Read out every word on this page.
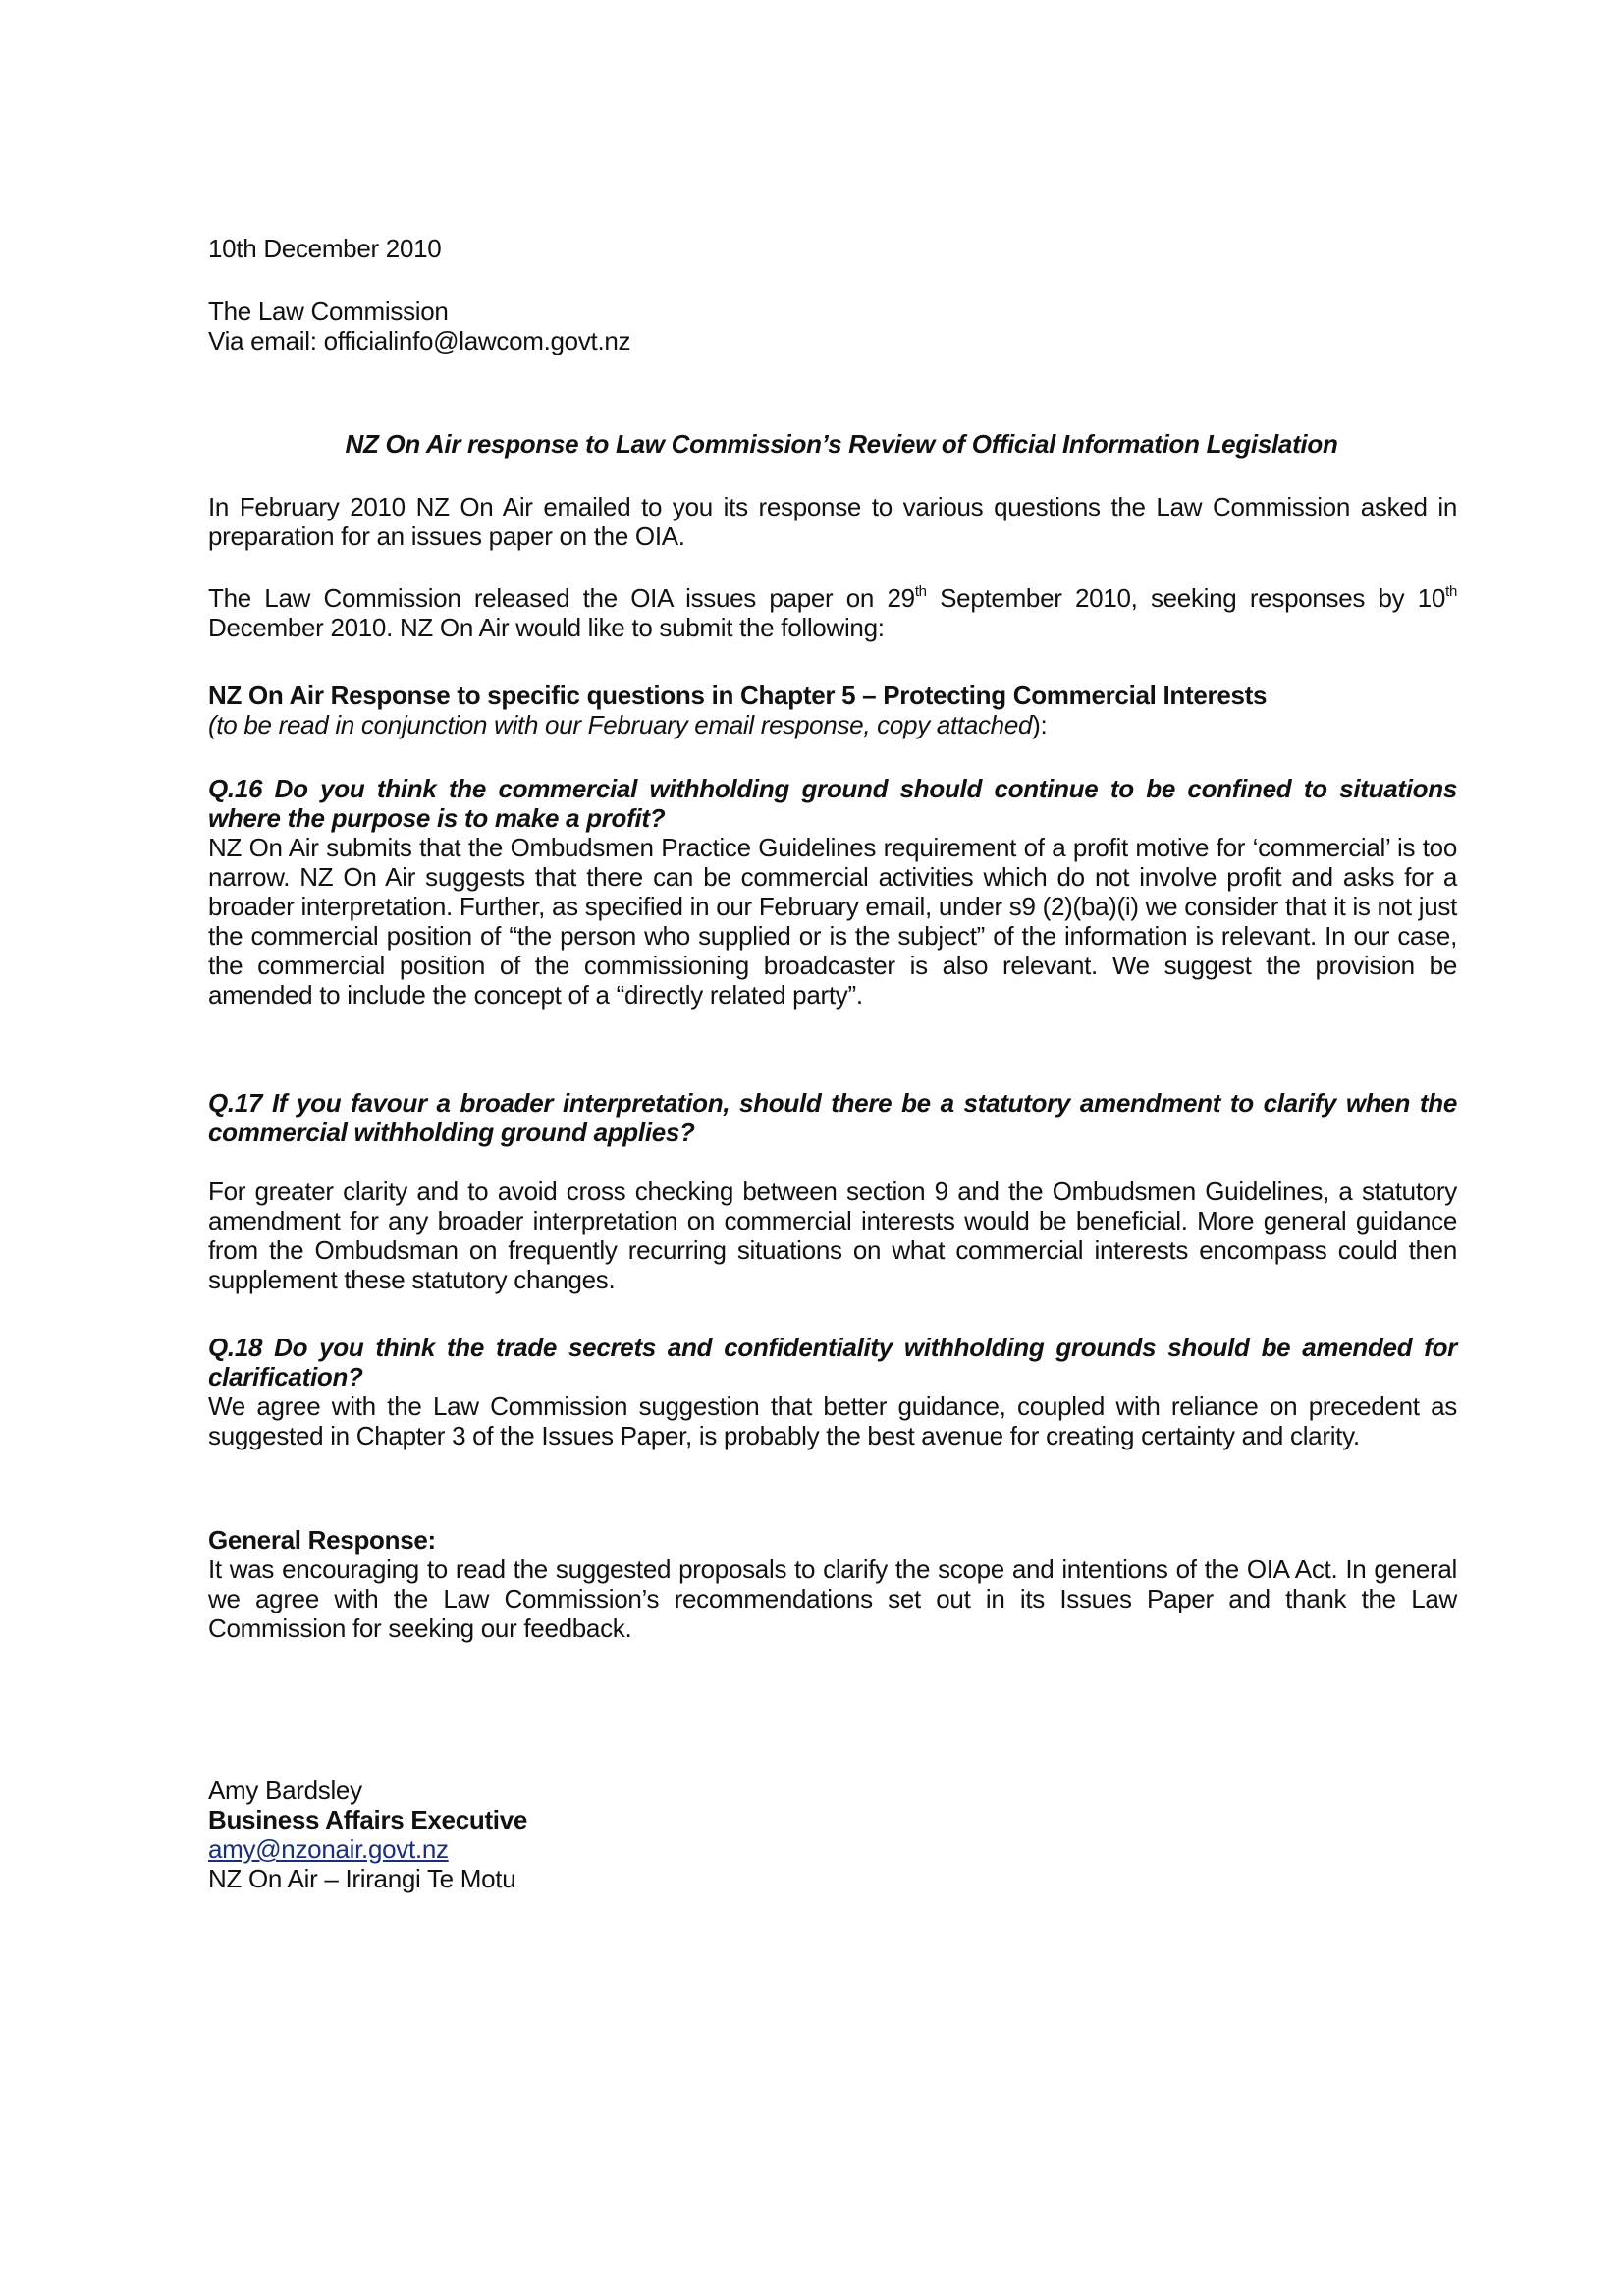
10th December 2010
The Law Commission
Via email: officialinfo@lawcom.govt.nz
NZ On Air response to Law Commission’s Review of Official Information Legislation
In February 2010 NZ On Air emailed to you its response to various questions the Law Commission asked in preparation for an issues paper on the OIA.
The Law Commission released the OIA issues paper on 29th September 2010, seeking responses by 10th December 2010. NZ On Air would like to submit the following:
NZ On Air Response to specific questions in Chapter 5 – Protecting Commercial Interests
(to be read in conjunction with our February email response, copy attached):
Q.16 Do you think the commercial withholding ground should continue to be confined to situations where the purpose is to make a profit?
NZ On Air submits that the Ombudsmen Practice Guidelines requirement of a profit motive for ‘commercial’ is too narrow. NZ On Air suggests that there can be commercial activities which do not involve profit and asks for a broader interpretation. Further, as specified in our February email, under s9 (2)(ba)(i) we consider that it is not just the commercial position of “the person who supplied or is the subject” of the information is relevant. In our case, the commercial position of the commissioning broadcaster is also relevant. We suggest the provision be amended to include the concept of a “directly related party”.
Q.17 If you favour a broader interpretation, should there be a statutory amendment to clarify when the commercial withholding ground applies?
For greater clarity and to avoid cross checking between section 9 and the Ombudsmen Guidelines, a statutory amendment for any broader interpretation on commercial interests would be beneficial. More general guidance from the Ombudsman on frequently recurring situations on what commercial interests encompass could then supplement these statutory changes.
Q.18 Do you think the trade secrets and confidentiality withholding grounds should be amended for clarification?
We agree with the Law Commission suggestion that better guidance, coupled with reliance on precedent as suggested in Chapter 3 of the Issues Paper, is probably the best avenue for creating certainty and clarity.
General Response:
It was encouraging to read the suggested proposals to clarify the scope and intentions of the OIA Act. In general we agree with the Law Commission’s recommendations set out in its Issues Paper and thank the Law Commission for seeking our feedback.
Amy Bardsley
Business Affairs Executive
amy@nzonair.govt.nz
NZ On Air – Irirangi Te Motu
